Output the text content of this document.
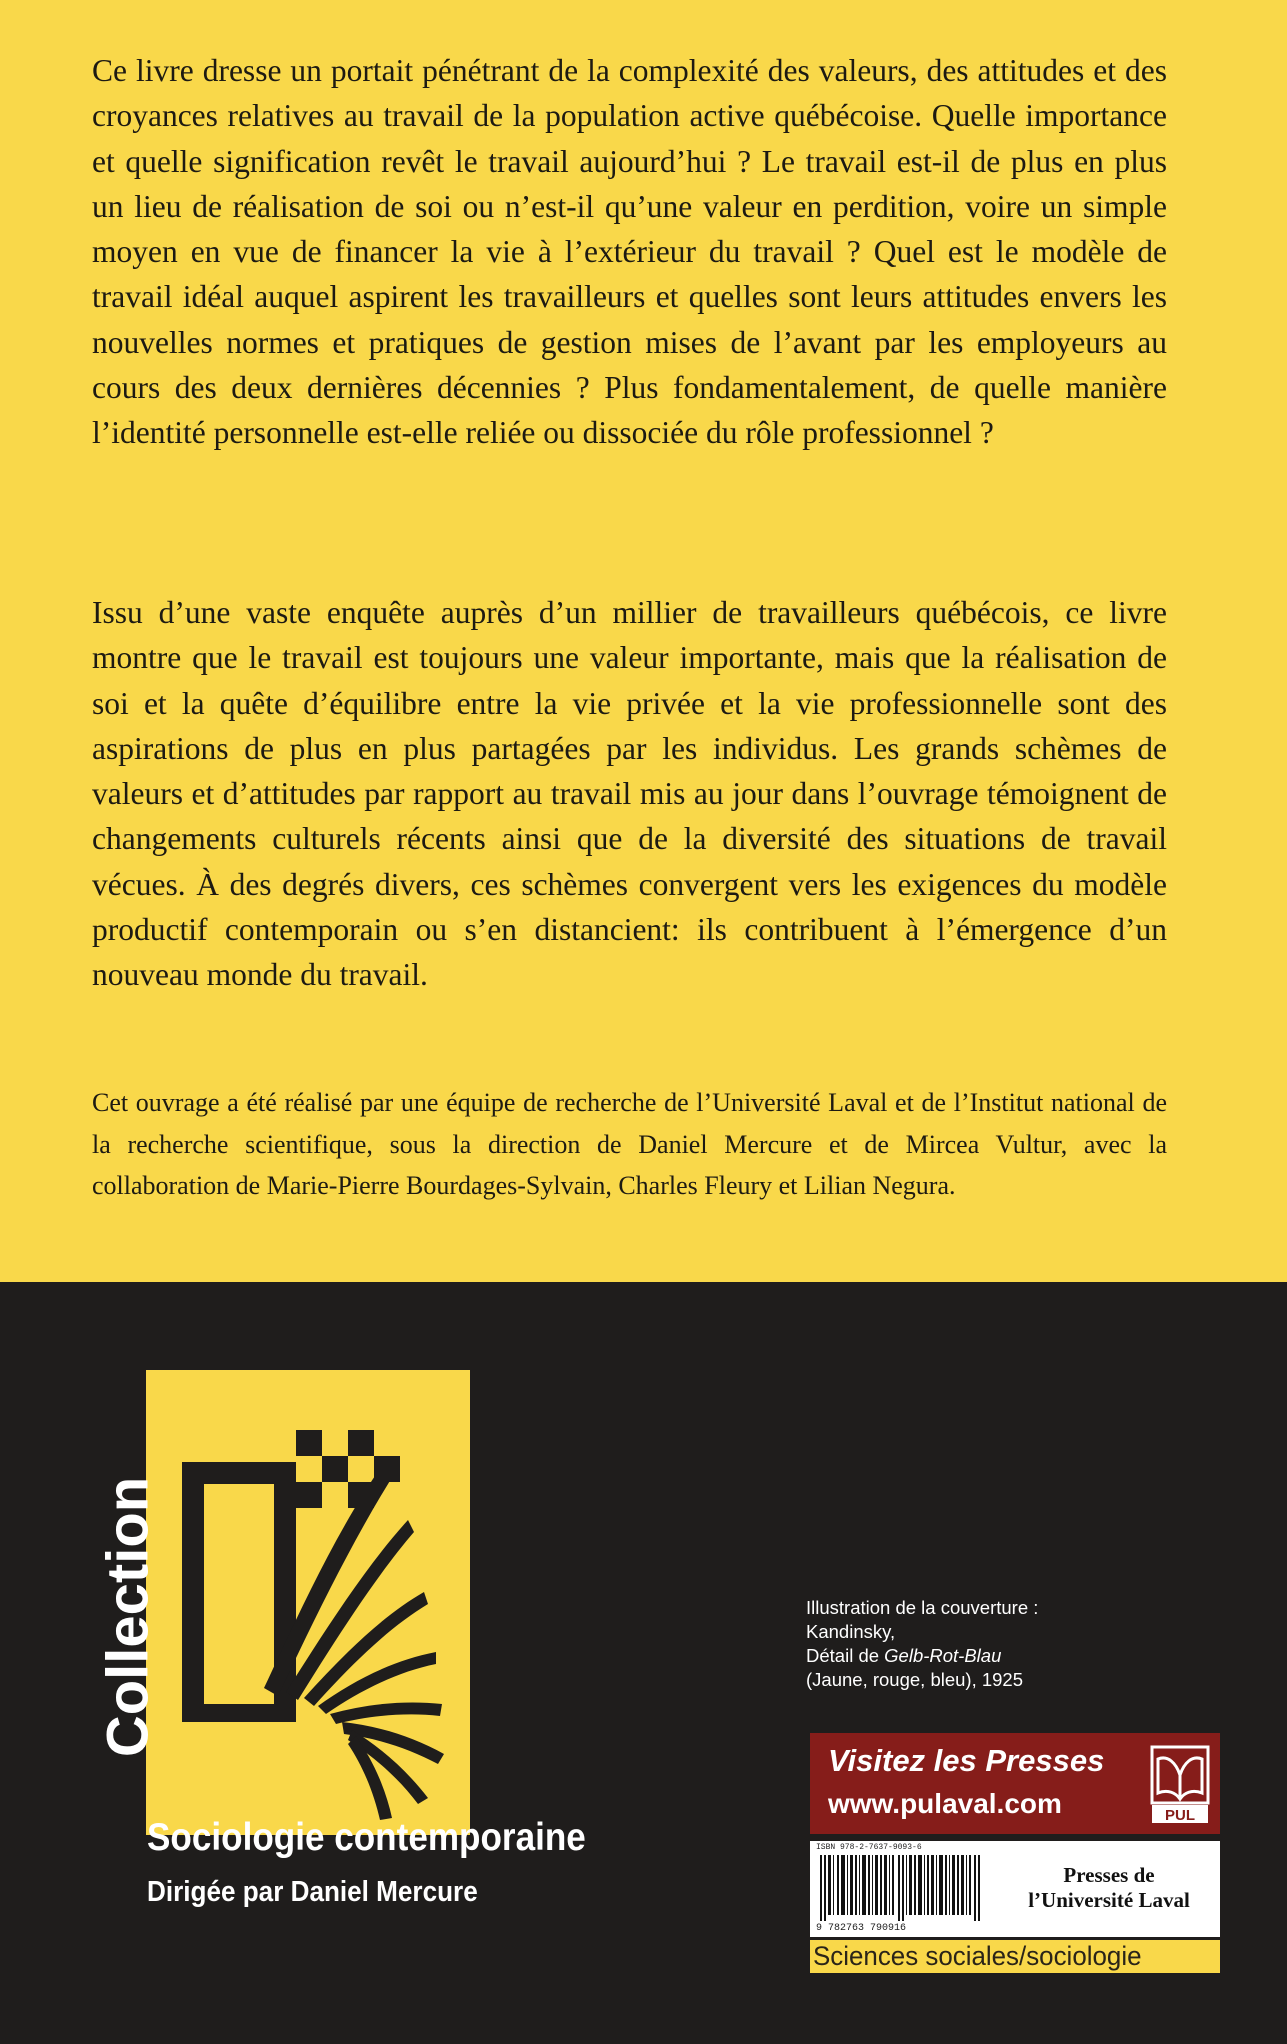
Ce livre dresse un portait pénétrant de la complexité des valeurs, des attitudes et des croyances relatives au travail de la population active québécoise. Quelle importance et quelle signification revêt le travail aujourd’hui ? Le travail est-il de plus en plus un lieu de réalisation de soi ou n’est-il qu’une valeur en perdition, voire un simple moyen en vue de financer la vie à l’extérieur du travail ? Quel est le modèle de travail idéal auquel aspirent les travailleurs et quelles sont leurs attitudes envers les nouvelles normes et pratiques de gestion mises de l’avant par les employeurs au cours des deux dernières décennies ? Plus fondamentalement, de quelle manière l’identité personnelle est-elle reliée ou dissociée du rôle professionnel ?

Issu d’une vaste enquête auprès d’un millier de travailleurs québécois, ce livre montre que le travail est toujours une valeur importante, mais que la réalisation de soi et la quête d’équilibre entre la vie privée et la vie professionnelle sont des aspirations de plus en plus partagées par les individus. Les grands schèmes de valeurs et d’attitudes par rapport au travail mis au jour dans l’ouvrage témoignent de changements culturels récents ainsi que de la diversité des situations de travail vécues. À des degrés divers, ces schèmes convergent vers les exigences du modèle productif contemporain ou s’en distancient: ils contribuent à l’émergence d’un nouveau monde du travail.

Cet ouvrage a été réalisé par une équipe de recherche de l’Université Laval et de l’Institut national de la recherche scientifique, sous la direction de Daniel Mercure et de Mircea Vultur, avec la collaboration de Marie-Pierre Bourdages-Sylvain, Charles Fleury et Lilian Negura.

Collection
Sociologie contemporaine
Dirigée par Daniel Mercure
Illustration de la couverture :
Kandinsky,
Détail de Gelb-Rot-Blau
(Jaune, rouge, bleu), 1925
Visitez les Presses
www.pulaval.com	PUL
ISBN 978-2-7637-9093-6
9 782763 790916
Presses de
l’Université Laval
Sciences sociales/sociologie
